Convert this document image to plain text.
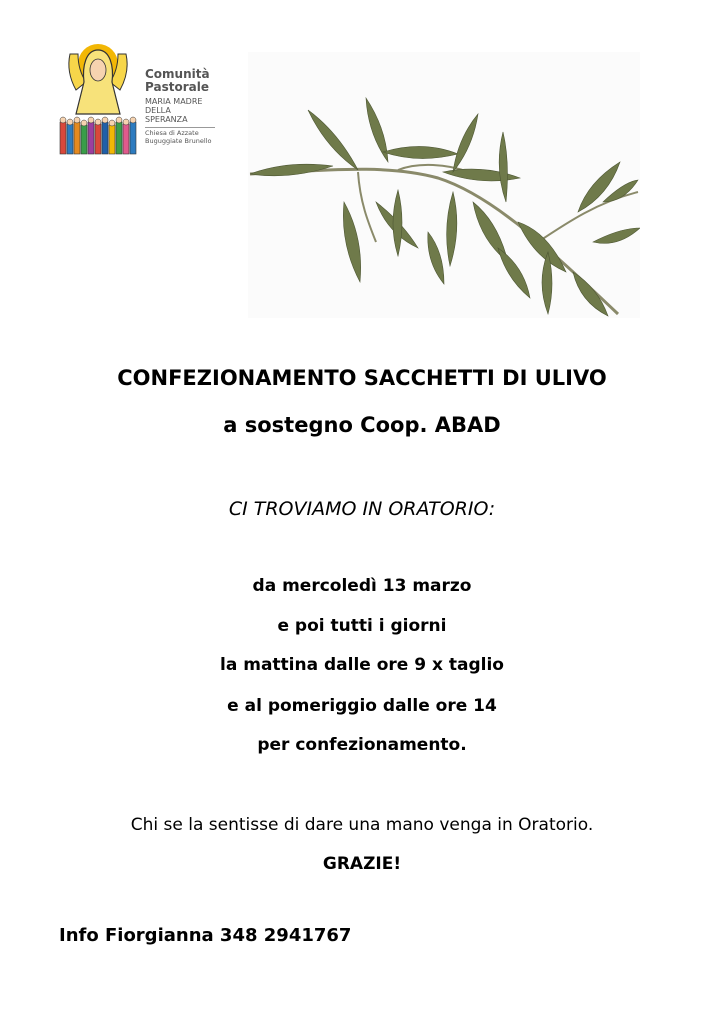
Comunità Pastorale
MARIA MADRE DELLA SPERANZA
Chiesa di Azzate Buguggiate Brunello
CONFEZIONAMENTO SACCHETTI DI ULIVO
a sostegno Coop. ABAD
CI TROVIAMO IN ORATORIO:
da mercoledì 13 marzo
e poi tutti i giorni
la mattina dalle ore 9 x taglio
e al pomeriggio dalle ore 14
per confezionamento.
Chi se la sentisse di dare una mano venga in Oratorio.
GRAZIE!
Info Fiorgianna 348 2941767
